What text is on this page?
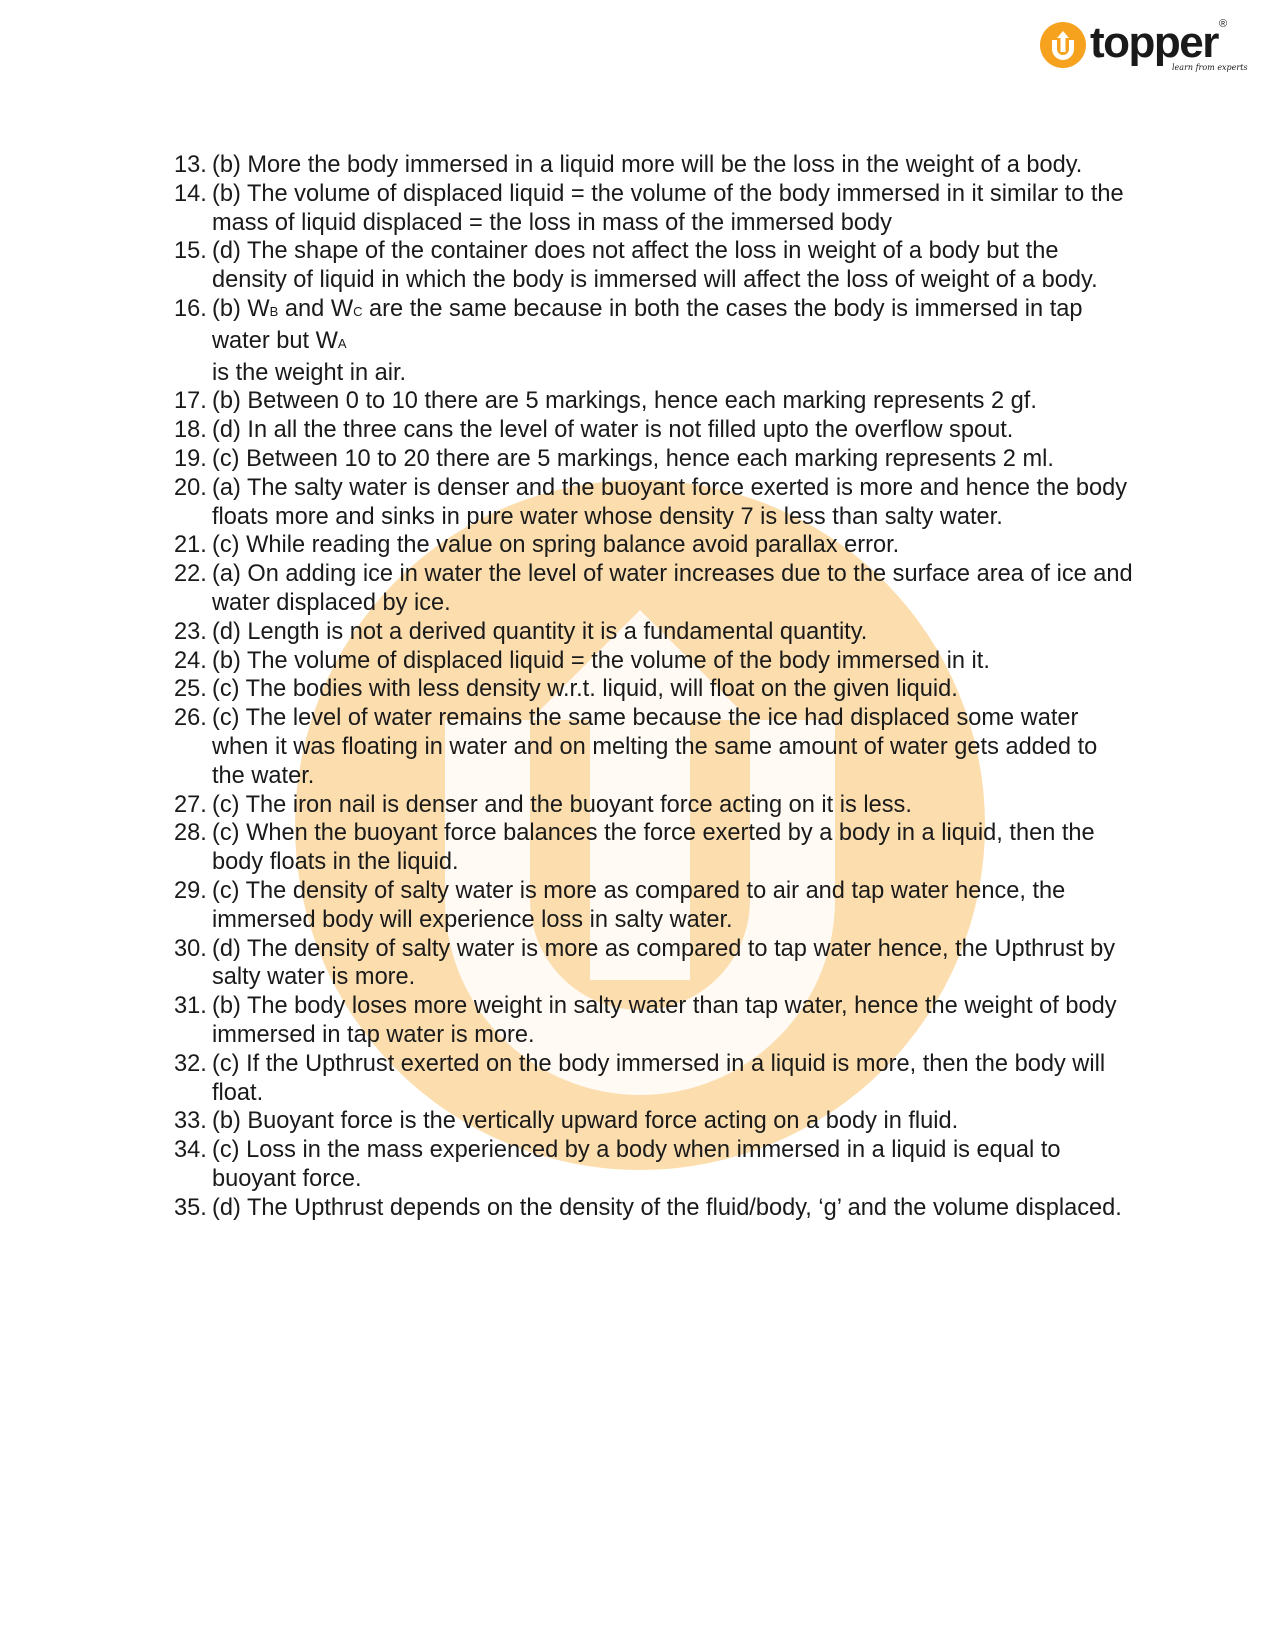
topper ®
learn from experts
13. (b) More the body immersed in a liquid more will be the loss in the weight of a body.
14. (b) The volume of displaced liquid = the volume of the body immersed in it similar to the mass of liquid displaced = the loss in mass of the immersed body
15. (d) The shape of the container does not affect the loss in weight of a body but the density of liquid in which the body is immersed will affect the loss of weight of a body.
16. (b) WB and WC are the same because in both the cases the body is immersed in tap water but WA
is the weight in air.
17. (b) Between 0 to 10 there are 5 markings, hence each marking represents 2 gf.
18. (d) In all the three cans the level of water is not filled upto the overflow spout.
19. (c) Between 10 to 20 there are 5 markings, hence each marking represents 2 ml.
20. (a) The salty water is denser and the buoyant force exerted is more and hence the body floats more and sinks in pure water whose density 7 is less than salty water.
21. (c) While reading the value on spring balance avoid parallax error.
22. (a) On adding ice in water the level of water increases due to the surface area of ice and water displaced by ice.
23. (d) Length is not a derived quantity it is a fundamental quantity.
24. (b) The volume of displaced liquid = the volume of the body immersed in it.
25. (c) The bodies with less density w.r.t. liquid, will float on the given liquid.
26. (c) The level of water remains the same because the ice had displaced some water when it was floating in water and on melting the same amount of water gets added to the water.
27. (c) The iron nail is denser and the buoyant force acting on it is less.
28. (c) When the buoyant force balances the force exerted by a body in a liquid, then the body floats in the liquid.
29. (c) The density of salty water is more as compared to air and tap water hence, the immersed body will experience loss in salty water.
30. (d) The density of salty water is more as compared to tap water hence, the Upthrust by salty water is more.
31. (b) The body loses more weight in salty water than tap water, hence the weight of body immersed in tap water is more.
32. (c) If the Upthrust exerted on the body immersed in a liquid is more, then the body will float.
33. (b) Buoyant force is the vertically upward force acting on a body in fluid.
34. (c) Loss in the mass experienced by a body when immersed in a liquid is equal to buoyant force.
35. (d) The Upthrust depends on the density of the fluid/body, ‘g’ and the volume displaced.
